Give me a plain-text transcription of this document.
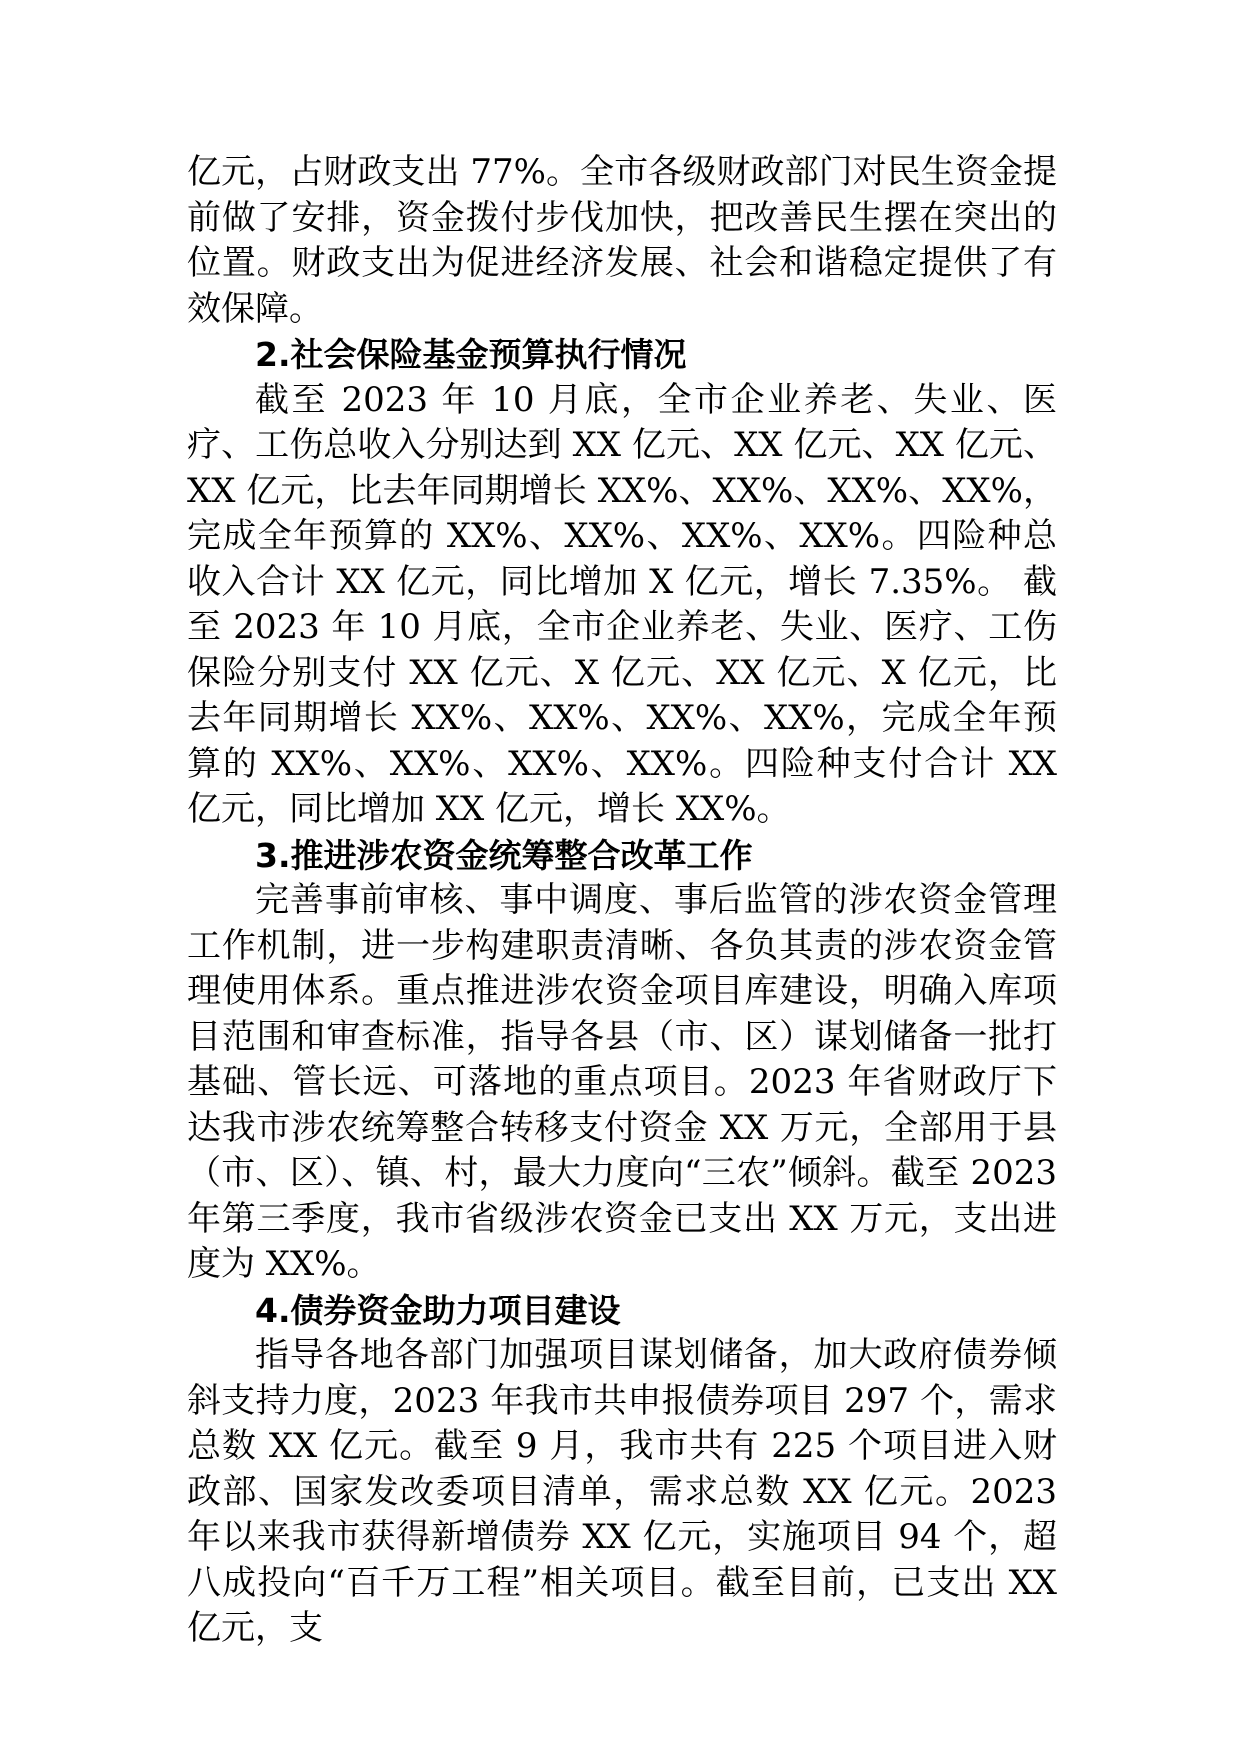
亿元，占财政支出 77%。全市各级财政部门对民生资金提前做了安排，资金拨付步伐加快，把改善民生摆在突出的位置。财政支出为促进经济发展、社会和谐稳定提供了有效保障。

2.社会保险基金预算执行情况

截至 2023 年 10 月底，全市企业养老、失业、医疗、工伤总收入分别达到 XX 亿元、XX 亿元、XX 亿元、XX 亿元，比去年同期增长 XX%、XX%、XX%、XX%，完成全年预算的 XX%、XX%、XX%、XX%。四险种总收入合计 XX 亿元，同比增加 X 亿元，增长 7.35%。 截至 2023 年 10 月底，全市企业养老、失业、医疗、工伤保险分别支付 XX 亿元、X 亿元、XX 亿元、X 亿元，比去年同期增长 XX%、XX%、XX%、XX%，完成全年预算的 XX%、XX%、XX%、XX%。四险种支付合计 XX 亿元，同比增加 XX 亿元，增长 XX%。

3.推进涉农资金统筹整合改革工作

完善事前审核、事中调度、事后监管的涉农资金管理工作机制，进一步构建职责清晰、各负其责的涉农资金管理使用体系。重点推进涉农资金项目库建设，明确入库项目范围和审查标准，指导各县（市、区）谋划储备一批打基础、管长远、可落地的重点项目。2023 年省财政厅下达我市涉农统筹整合转移支付资金 XX 万元，全部用于县（市、区）、镇、村，最大力度向“三农”倾斜。截至 2023 年第三季度，我市省级涉农资金已支出 XX 万元，支出进度为 XX%。

4.债券资金助力项目建设

指导各地各部门加强项目谋划储备，加大政府债券倾斜支持力度，2023 年我市共申报债券项目 297 个，需求总数 XX 亿元。截至 9 月，我市共有 225 个项目进入财政部、国家发改委项目清单，需求总数 XX 亿元。2023 年以来我市获得新增债券 XX 亿元，实施项目 94 个，超八成投向“百千万工程”相关项目。截至目前，已支出 XX 亿元，支
